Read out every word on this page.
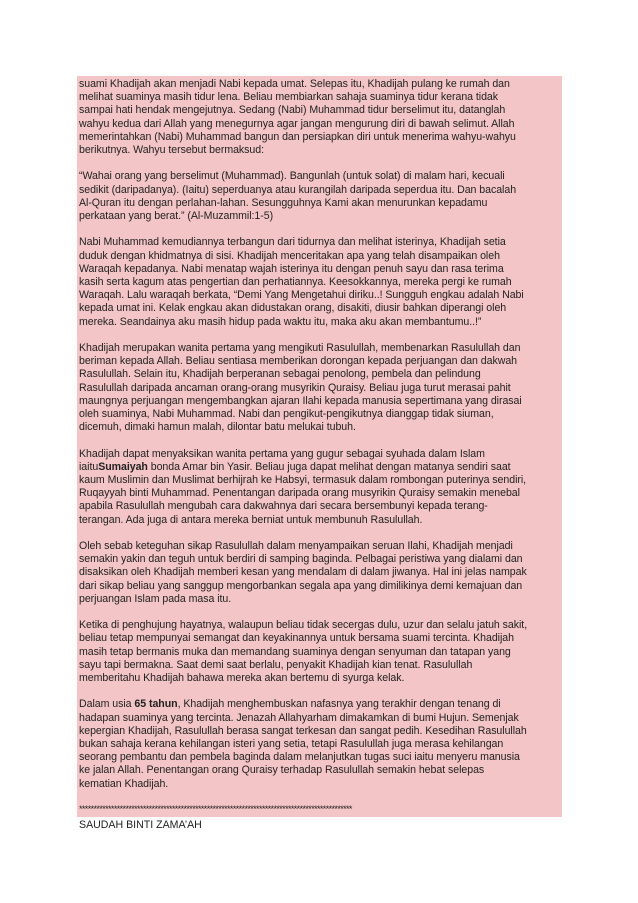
suami Khadijah akan menjadi Nabi kepada umat. Selepas itu, Khadijah pulang ke rumah dan
melihat suaminya masih tidur lena. Beliau membiarkan sahaja suaminya tidur kerana tidak
sampai hati hendak mengejutnya. Sedang (Nabi) Muhammad tidur berselimut itu, datanglah
wahyu kedua dari Allah yang menegurnya agar jangan mengurung diri di bawah selimut. Allah
memerintahkan (Nabi) Muhammad bangun dan persiapkan diri untuk menerima wahyu-wahyu
berikutnya. Wahyu tersebut bermaksud:

“Wahai orang yang berselimut (Muhammad). Bangunlah (untuk solat) di malam hari, kecuali
sedikit (daripadanya). (Iaitu) seperduanya atau kurangilah daripada seperdua itu. Dan bacalah
Al-Quran itu dengan perlahan-lahan. Sesungguhnya Kami akan menurunkan kepadamu
perkataan yang berat.” (Al-Muzammil:1-5)

Nabi Muhammad kemudiannya terbangun dari tidurnya dan melihat isterinya, Khadijah setia
duduk dengan khidmatnya di sisi. Khadijah menceritakan apa yang telah disampaikan oleh
Waraqah kepadanya. Nabi menatap wajah isterinya itu dengan penuh sayu dan rasa terima
kasih serta kagum atas pengertian dan perhatiannya. Keesokkannya, mereka pergi ke rumah
Waraqah. Lalu waraqah berkata, “Demi Yang Mengetahui diriku..! Sungguh engkau adalah Nabi
kepada umat ini. Kelak engkau akan didustakan orang, disakiti, diusir bahkan diperangi oleh
mereka. Seandainya aku masih hidup pada waktu itu, maka aku akan membantumu..!”

Khadijah merupakan wanita pertama yang mengikuti Rasulullah, membenarkan Rasulullah dan
beriman kepada Allah. Beliau sentiasa memberikan dorongan kepada perjuangan dan dakwah
Rasulullah. Selain itu, Khadijah berperanan sebagai penolong, pembela dan pelindung
Rasulullah daripada ancaman orang-orang musyrikin Quraisy. Beliau juga turut merasai pahit
maungnya perjuangan mengembangkan ajaran Ilahi kepada manusia sepertimana yang dirasai
oleh suaminya, Nabi Muhammad. Nabi dan pengikut-pengikutnya dianggap tidak siuman,
dicemuh, dimaki hamun malah, dilontar batu melukai tubuh.

Khadijah dapat menyaksikan wanita pertama yang gugur sebagai syuhada dalam Islam
iaituSumaiyah bonda Amar bin Yasir. Beliau juga dapat melihat dengan matanya sendiri saat
kaum Muslimin dan Muslimat berhijrah ke Habsyi, termasuk dalam rombongan puterinya sendiri,
Ruqayyah binti Muhammad. Penentangan daripada orang musyrikin Quraisy semakin menebal
apabila Rasulullah mengubah cara dakwahnya dari secara bersembunyi kepada terang-
terangan. Ada juga di antara mereka berniat untuk membunuh Rasulullah.

Oleh sebab keteguhan sikap Rasulullah dalam menyampaikan seruan Ilahi, Khadijah menjadi
semakin yakin dan teguh untuk berdiri di samping baginda. Pelbagai peristiwa yang dialami dan
disaksikan oleh Khadijah memberi kesan yang mendalam di dalam jiwanya. Hal ini jelas nampak
dari sikap beliau yang sanggup mengorbankan segala apa yang dimilikinya demi kemajuan dan
perjuangan Islam pada masa itu.

Ketika di penghujung hayatnya, walaupun beliau tidak secergas dulu, uzur dan selalu jatuh sakit,
beliau tetap mempunyai semangat dan keyakinannya untuk bersama suami tercinta. Khadijah
masih tetap bermanis muka dan memandang suaminya dengan senyuman dan tatapan yang
sayu tapi bermakna. Saat demi saat berlalu, penyakit Khadijah kian tenat. Rasulullah
memberitahu Khadijah bahawa mereka akan bertemu di syurga kelak.

Dalam usia 65 tahun, Khadijah menghembuskan nafasnya yang terakhir dengan tenang di
hadapan suaminya yang tercinta. Jenazah Allahyarham dimakamkan di bumi Hujun. Semenjak
kepergian Khadijah, Rasulullah berasa sangat terkesan dan sangat pedih. Kesedihan Rasulullah
bukan sahaja kerana kehilangan isteri yang setia, tetapi Rasulullah juga merasa kehilangan
seorang pembantu dan pembela baginda dalam melanjutkan tugas suci iaitu menyeru manusia
ke jalan Allah. Penentangan orang Quraisy terhadap Rasulullah semakin hebat selepas
kematian Khadijah.

**********************************************************************************************
SAUDAH BINTI ZAMA’AH
